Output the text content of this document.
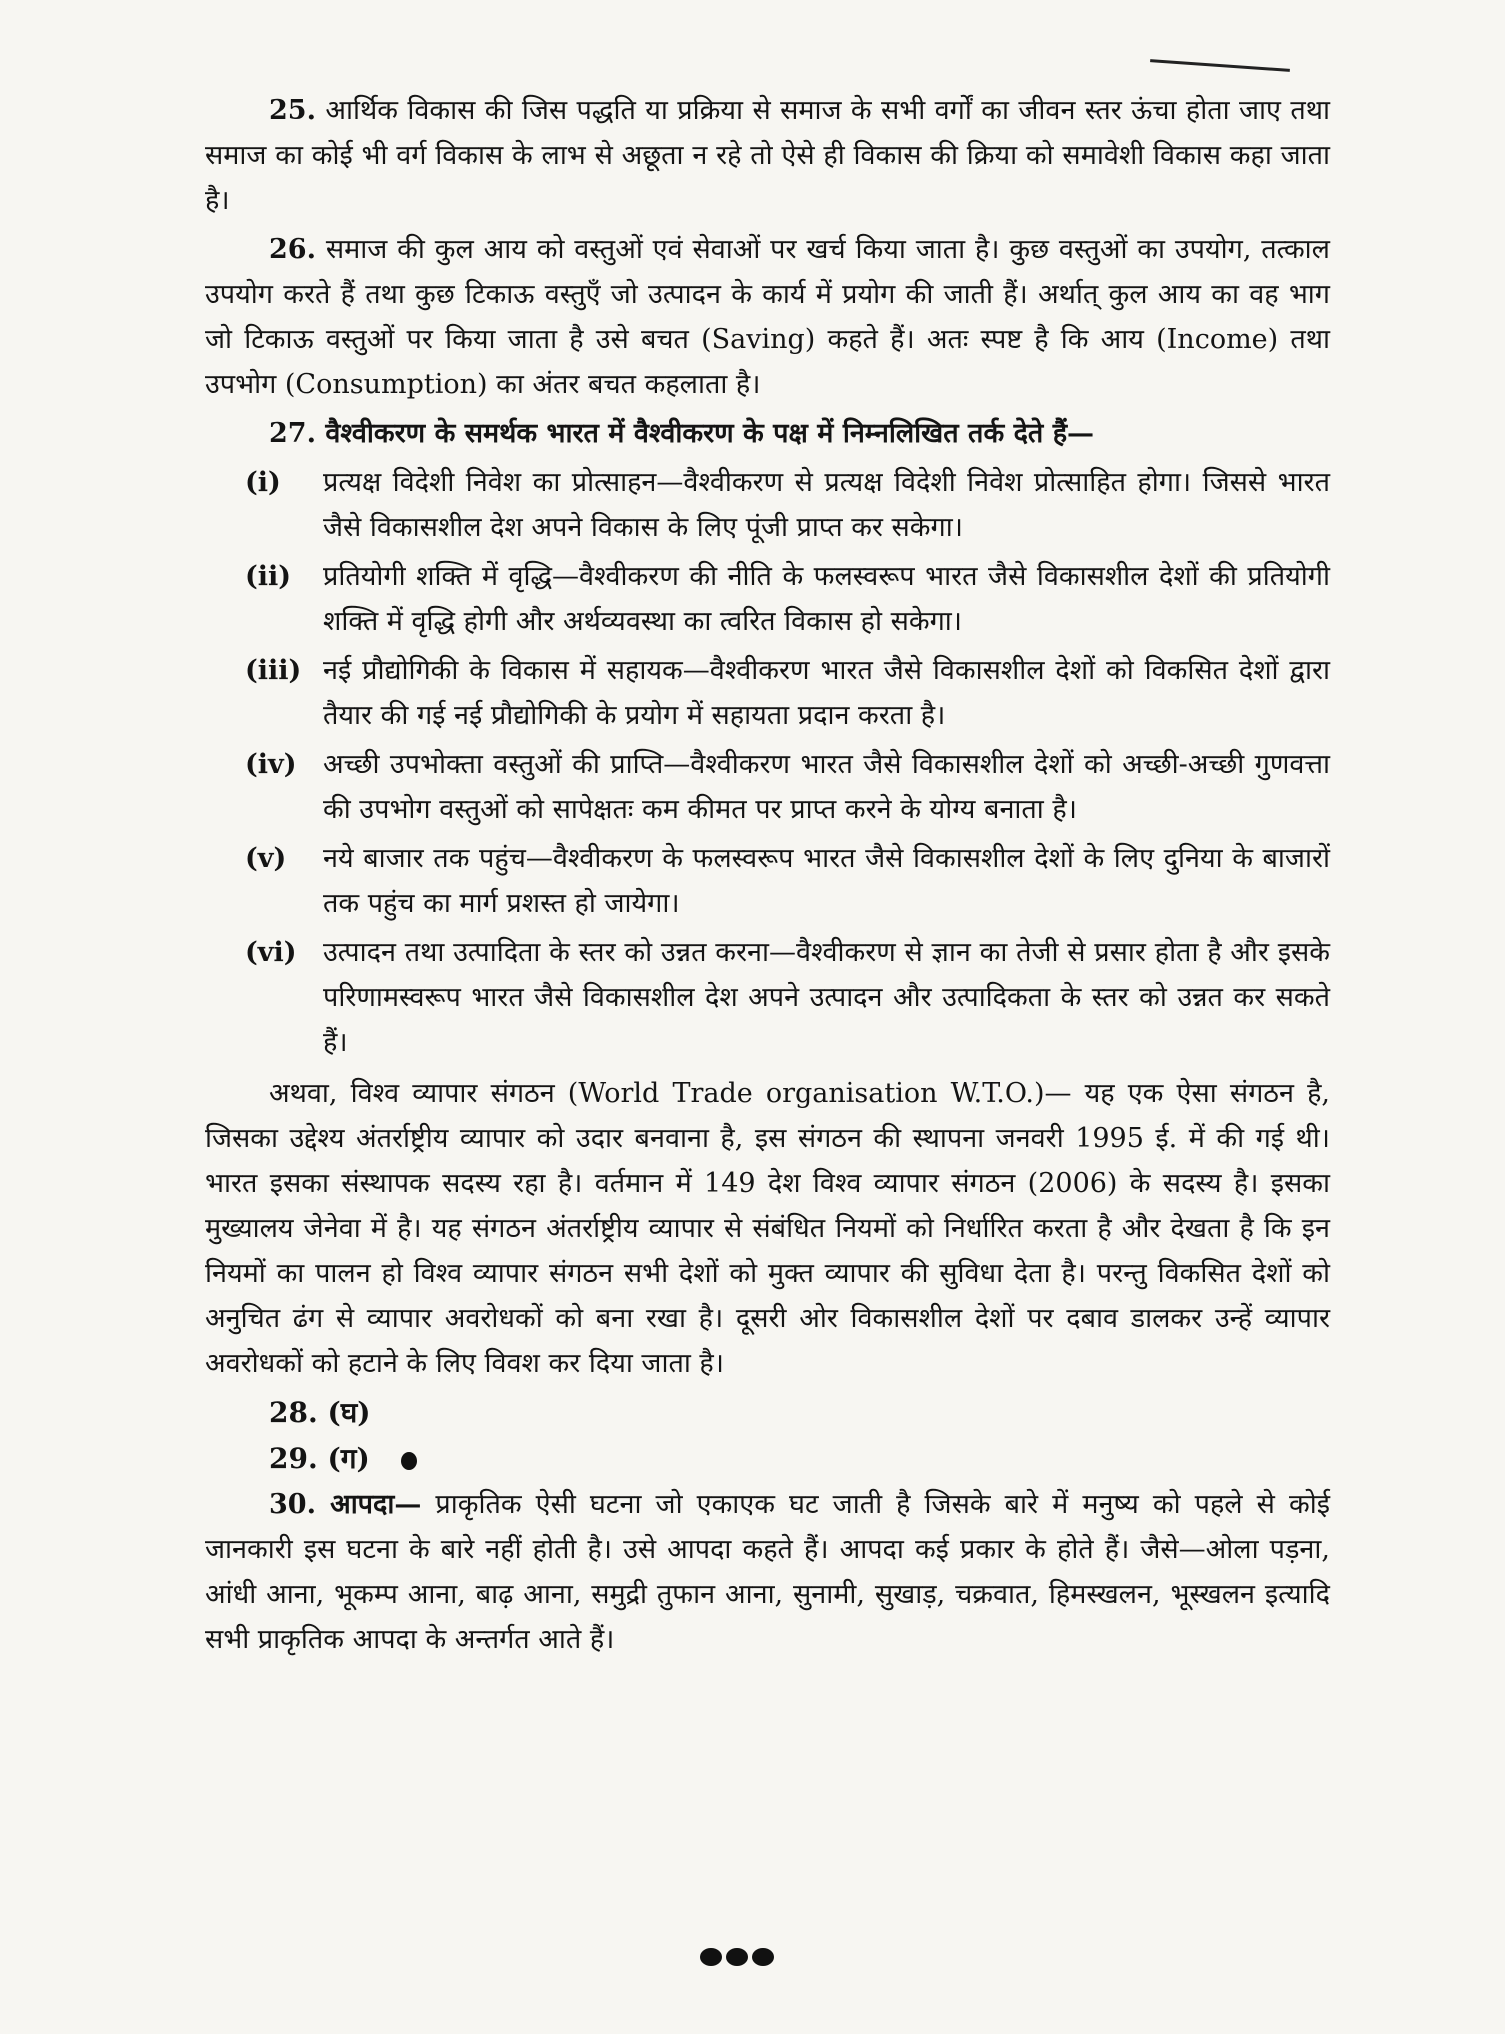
25. आर्थिक विकास की जिस पद्धति या प्रक्रिया से समाज के सभी वर्गों का जीवन स्तर ऊंचा होता जाए तथा समाज का कोई भी वर्ग विकास के लाभ से अछूता न रहे तो ऐसे ही विकास की क्रिया को समावेशी विकास कहा जाता है।

26. समाज की कुल आय को वस्तुओं एवं सेवाओं पर खर्च किया जाता है। कुछ वस्तुओं का उपयोग, तत्काल उपयोग करते हैं तथा कुछ टिकाऊ वस्तुएँ जो उत्पादन के कार्य में प्रयोग की जाती हैं। अर्थात् कुल आय का वह भाग जो टिकाऊ वस्तुओं पर किया जाता है उसे बचत (Saving) कहते हैं। अतः स्पष्ट है कि आय (Income) तथा उपभोग (Consumption) का अंतर बचत कहलाता है।

27. वैश्वीकरण के समर्थक भारत में वैश्वीकरण के पक्ष में निम्नलिखित तर्क देते हैं—
(i)	प्रत्यक्ष विदेशी निवेश का प्रोत्साहन—वैश्वीकरण से प्रत्यक्ष विदेशी निवेश प्रोत्साहित होगा। जिससे भारत जैसे विकासशील देश अपने विकास के लिए पूंजी प्राप्त कर सकेगा।
(ii)	प्रतियोगी शक्ति में वृद्धि—वैश्वीकरण की नीति के फलस्वरूप भारत जैसे विकासशील देशों की प्रतियोगी शक्ति में वृद्धि होगी और अर्थव्यवस्था का त्वरित विकास हो सकेगा।
(iii) नई प्रौद्योगिकी के विकास में सहायक—वैश्वीकरण भारत जैसे विकासशील देशों को विकसित देशों द्वारा तैयार की गई नई प्रौद्योगिकी के प्रयोग में सहायता प्रदान करता है।
(iv) अच्छी उपभोक्ता वस्तुओं की प्राप्ति—वैश्वीकरण भारत जैसे विकासशील देशों को अच्छी-अच्छी गुणवत्ता की उपभोग वस्तुओं को सापेक्षतः कम कीमत पर प्राप्त करने के योग्य बनाता है।
(v)	नये बाजार तक पहुंच—वैश्वीकरण के फलस्वरूप भारत जैसे विकासशील देशों के लिए दुनिया के बाजारों तक पहुंच का मार्ग प्रशस्त हो जायेगा।
(vi) उत्पादन तथा उत्पादिता के स्तर को उन्नत करना—वैश्वीकरण से ज्ञान का तेजी से प्रसार होता है और इसके परिणामस्वरूप भारत जैसे विकासशील देश अपने उत्पादन और उत्पादिकता के स्तर को उन्नत कर सकते हैं।

अथवा, विश्व व्यापार संगठन (World Trade organisation W.T.O.)— यह एक ऐसा संगठन है, जिसका उद्देश्य अंतर्राष्ट्रीय व्यापार को उदार बनवाना है, इस संगठन की स्थापना जनवरी 1995 ई. में की गई थी। भारत इसका संस्थापक सदस्य रहा है। वर्तमान में 149 देश विश्व व्यापार संगठन (2006) के सदस्य है। इसका मुख्यालय जेनेवा में है। यह संगठन अंतर्राष्ट्रीय व्यापार से संबंधित नियमों को निर्धारित करता है और देखता है कि इन नियमों का पालन हो विश्व व्यापार संगठन सभी देशों को मुक्त व्यापार की सुविधा देता है। परन्तु विकसित देशों को अनुचित ढंग से व्यापार अवरोधकों को बना रखा है। दूसरी ओर विकासशील देशों पर दबाव डालकर उन्हें व्यापार अवरोधकों को हटाने के लिए विवश कर दिया जाता है।

28. (घ)
29. (ग)

30. आपदा— प्राकृतिक ऐसी घटना जो एकाएक घट जाती है जिसके बारे में मनुष्य को पहले से कोई जानकारी इस घटना के बारे नहीं होती है। उसे आपदा कहते हैं। आपदा कई प्रकार के होते हैं। जैसे—ओला पड़ना, आंधी आना, भूकम्प आना, बाढ़ आना, समुद्री तुफान आना, सुनामी, सुखाड़, चक्रवात, हिमस्खलन, भूस्खलन इत्यादि सभी प्राकृतिक आपदा के अन्तर्गत आते हैं।
